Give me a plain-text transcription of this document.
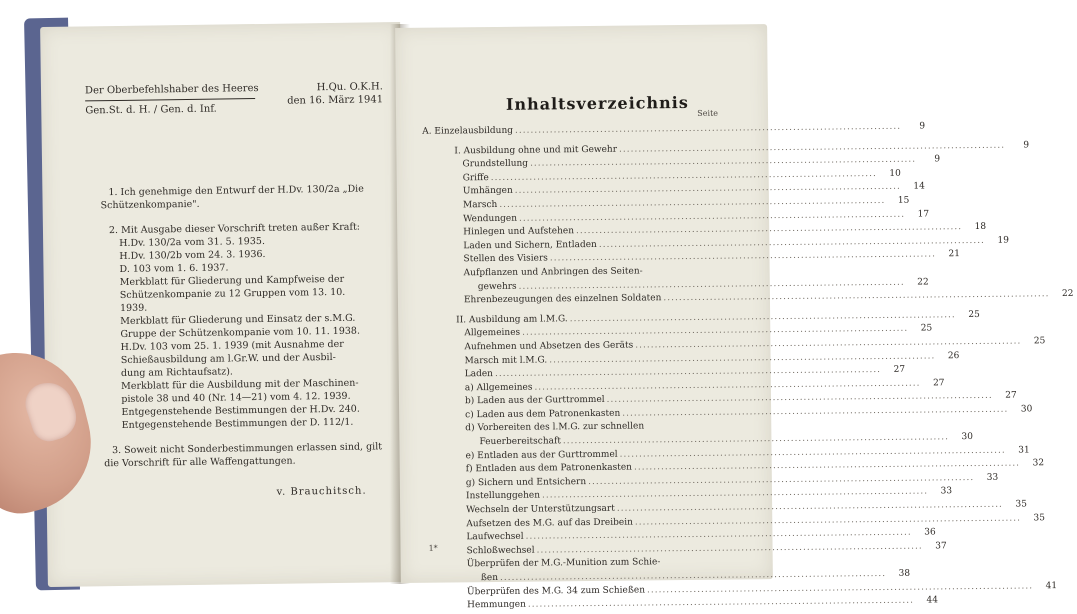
Der Oberbefehlshaber des Heeres
Gen.St. d. H. / Gen. d. Inf.
H.Qu. O.K.H.
den 16. März 1941

1. Ich genehmige den Entwurf der H.Dv. 130/2a „Die

Schützenkompanie".

2. Mit Ausgabe dieser Vorschrift treten außer Kraft:

H.Dv. 130/2a vom 31. 5. 1935.

H.Dv. 130/2b vom 24. 3. 1936.

D. 103 vom 1. 6. 1937.

Merkblatt für Gliederung und Kampfweise der

Schützenkompanie zu 12 Gruppen vom 13. 10.

1939.

Merkblatt für Gliederung und Einsatz der s.M.G.

Gruppe der Schützenkompanie vom 10. 11. 1938.

H.Dv. 103 vom 25. 1. 1939 (mit Ausnahme der

Schießausbildung am l.Gr.W. und der Ausbil-

dung am Richtaufsatz).

Merkblatt für die Ausbildung mit der Maschinen-

pistole 38 und 40 (Nr. 14—21) vom 4. 12. 1939.

Entgegenstehende Bestimmungen der H.Dv. 240.

Entgegenstehende Bestimmungen der D. 112/1.

3. Soweit nicht Sonderbestimmungen erlassen sind, gilt

die Vorschrift für alle Waffengattungen.

v. Brauchitsch.
Inhaltsverzeichnis Seite
A. Einzelausbildung .....	9
I. Ausbildung ohne und mit Gewehr .....	9
Grundstellung .....	9
Griffe .....	10
Umhängen .....	14
Marsch .....	15
Wendungen .....	17
Hinlegen und Aufstehen .....	18
Laden und Sichern, Entladen .....	19
Stellen des Visiers .....	21
Aufpflanzen und Anbringen des Seiten-
gewehrs .....	22
Ehrenbezeugungen des einzelnen Soldaten .....	22
II. Ausbildung am l.M.G. .....	25
Allgemeines .....	25
Aufnehmen und Absetzen des Geräts .....	25
Marsch mit l.M.G. .....	26
Laden .....	27
a) Allgemeines .....	27
b) Laden aus der Gurttrommel .....	27
c) Laden aus dem Patronenkasten .....	30
d) Vorbereiten des l.M.G. zur schnellen
Feuerbereitschaft .....	30
e) Entladen aus der Gurttrommel .....	31
f) Entladen aus dem Patronenkasten .....	32
g) Sichern und Entsichern .....	33
Instellunggehen .....	33
Wechseln der Unterstützungsart .....	35
Aufsetzen des M.G. auf das Dreibein .....	35
Laufwechsel .....	36
Schloßwechsel .....	37
Überprüfen der M.G.-Munition zum Schie-
ßen .....	38
Überprüfen des M.G. 34 zum Schießen .....	41
Hemmungen .....	44
1*
